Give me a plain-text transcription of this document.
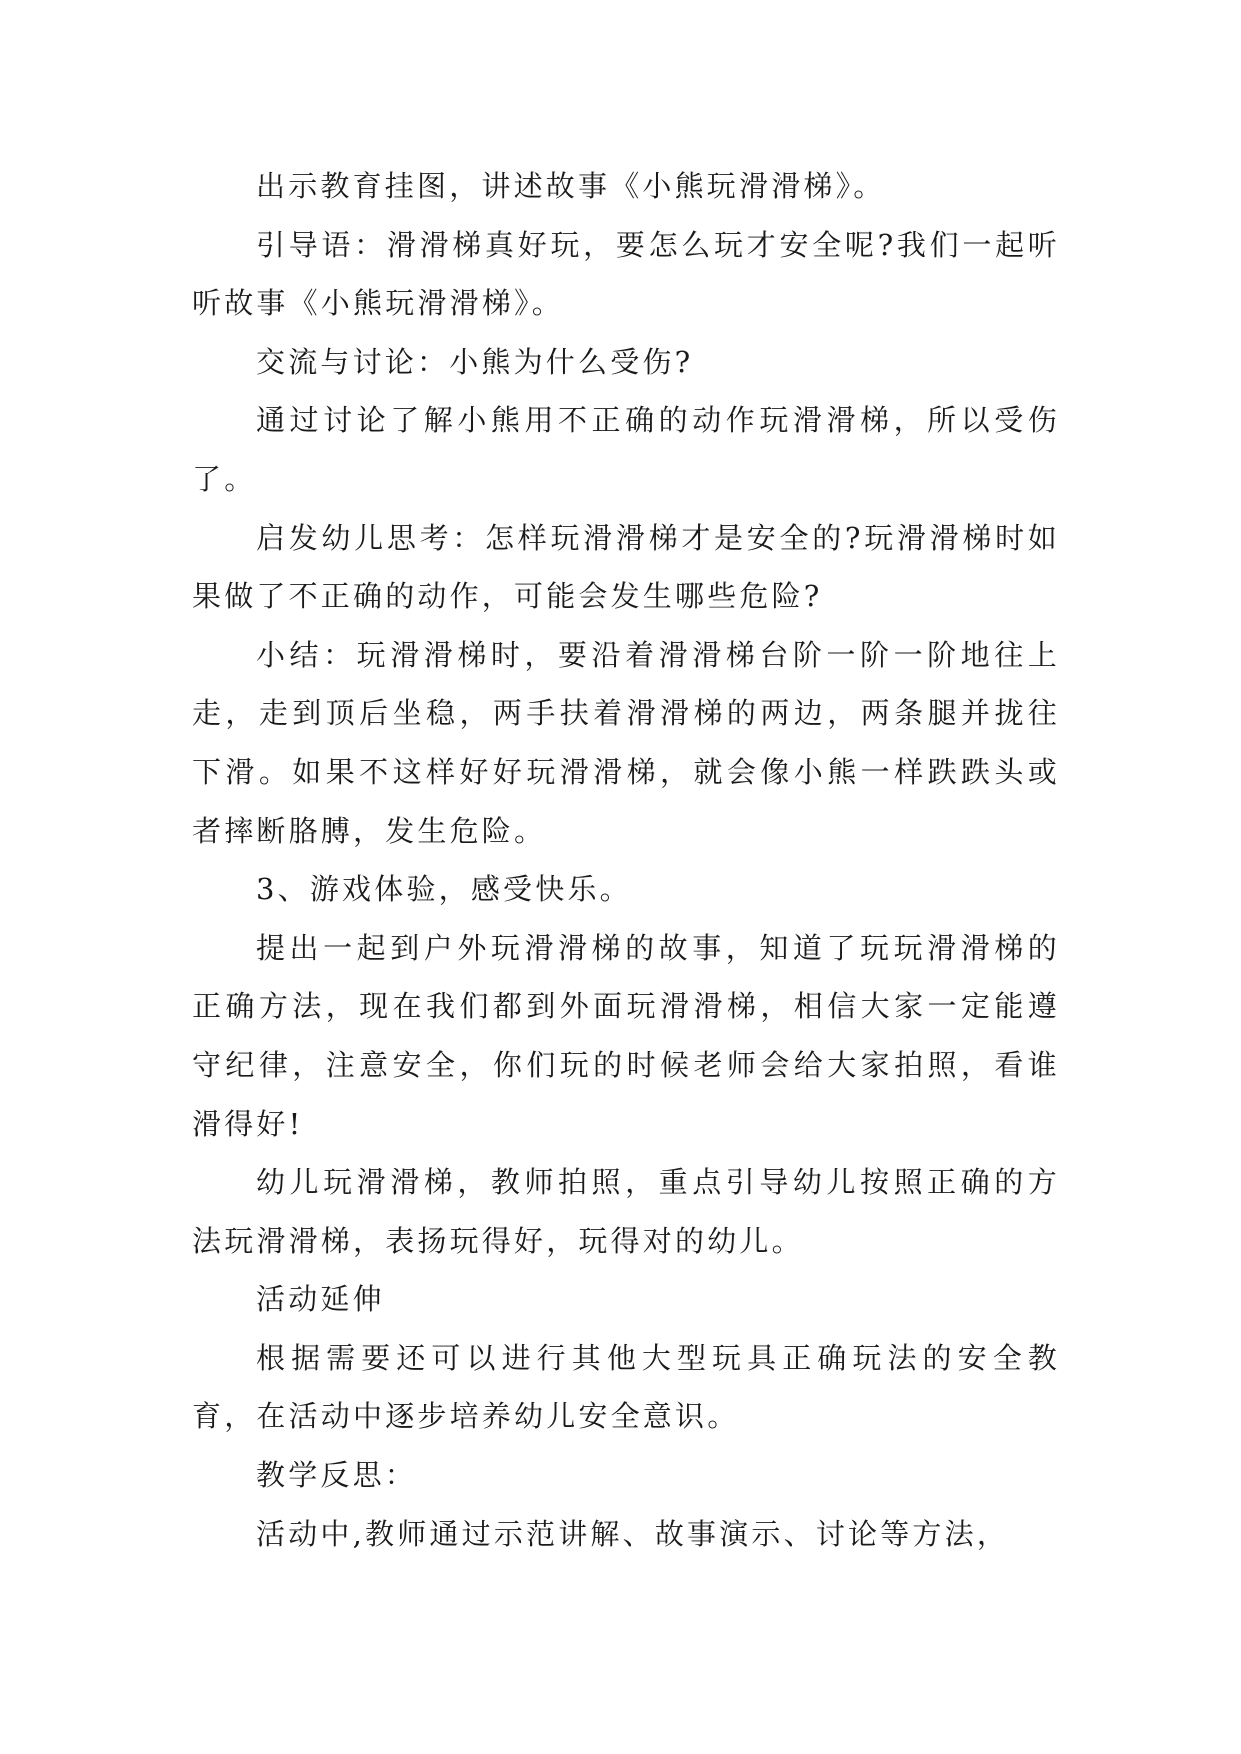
出示教育挂图，讲述故事《小熊玩滑滑梯》。

引导语：滑滑梯真好玩，要怎么玩才安全呢?我们一起听听故事《小熊玩滑滑梯》。

交流与讨论：小熊为什么受伤?

通过讨论了解小熊用不正确的动作玩滑滑梯，所以受伤了。

启发幼儿思考：怎样玩滑滑梯才是安全的?玩滑滑梯时如果做了不正确的动作，可能会发生哪些危险?

小结：玩滑滑梯时，要沿着滑滑梯台阶一阶一阶地往上走，走到顶后坐稳，两手扶着滑滑梯的两边，两条腿并拢往下滑。如果不这样好好玩滑滑梯，就会像小熊一样跌跌头或者摔断胳膊，发生危险。

3、游戏体验，感受快乐。

提出一起到户外玩滑滑梯的故事，知道了玩玩滑滑梯的正确方法，现在我们都到外面玩滑滑梯，相信大家一定能遵守纪律，注意安全，你们玩的时候老师会给大家拍照，看谁滑得好!

幼儿玩滑滑梯，教师拍照，重点引导幼儿按照正确的方法玩滑滑梯，表扬玩得好，玩得对的幼儿。

活动延伸

根据需要还可以进行其他大型玩具正确玩法的安全教育，在活动中逐步培养幼儿安全意识。

教学反思：

活动中,教师通过示范讲解、故事演示、讨论等方法，
